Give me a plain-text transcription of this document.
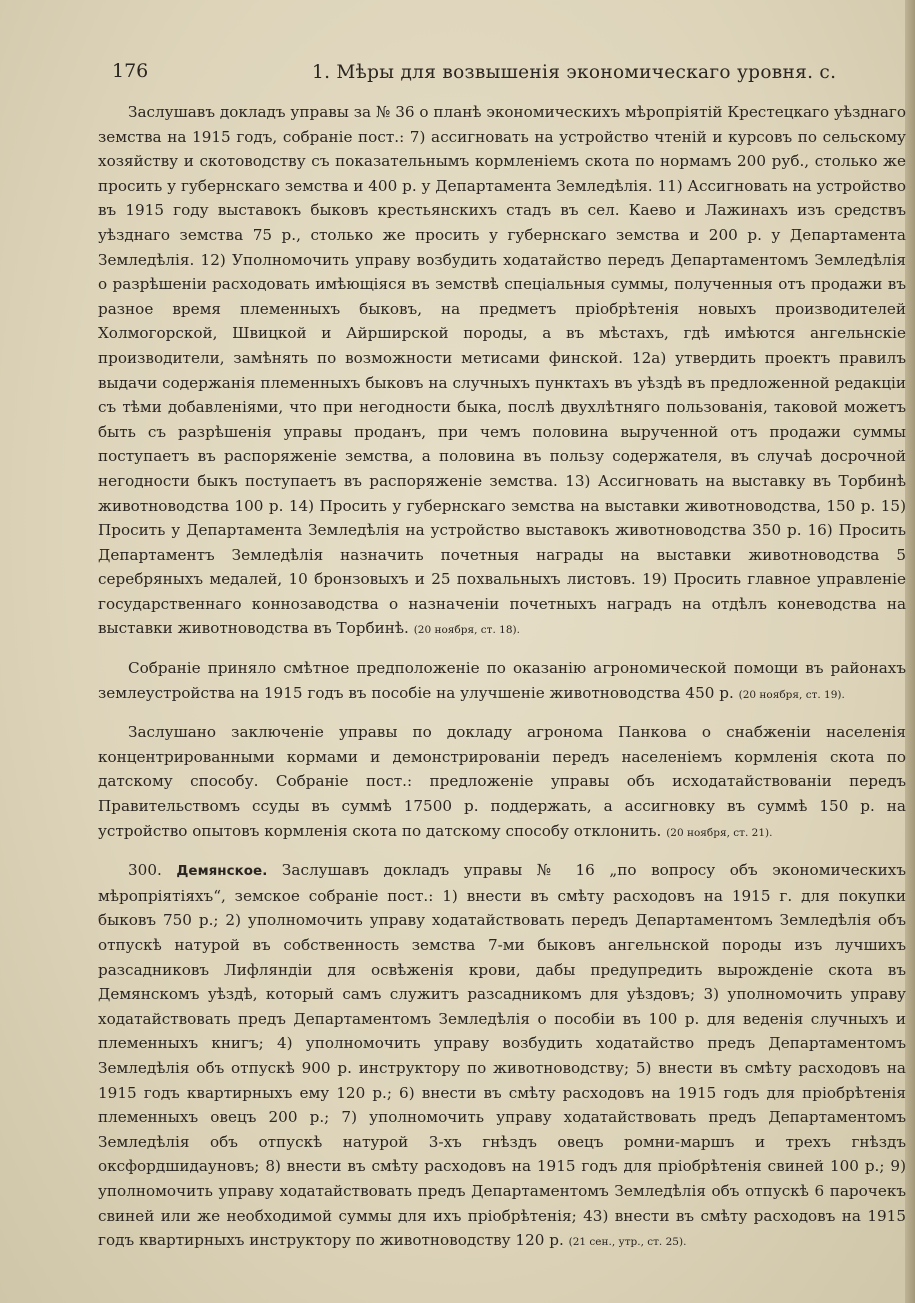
176	1. Мѣры для возвышенія экономическаго уровня. с.

Заслушавъ докладъ управы за № 36 о планѣ экономическихъ мѣропріятій Крестецкаго уѣзднаго земства на 1915 годъ, собраніе пост.: 7) ассигновать на устройство чтеній и курсовъ по сельскому хозяйству и скотоводству съ показательнымъ кормленіемъ скота по нормамъ 200 руб., столько же просить у губернскаго земства и 400 р. у Департамента Земледѣлія. 11) Ассигновать на устройство въ 1915 году выставокъ быковъ крестьянскихъ стадъ въ сел. Каево и Лажинахъ изъ средствъ уѣзднаго земства 75 р., столько же просить у губернскаго земства и 200 р. у Департамента Земледѣлія. 12) Уполномочить управу возбудить ходатайство передъ Департаментомъ Земледѣлія о разрѣшеніи расходовать имѣющіяся въ земствѣ спеціальныя суммы, полученныя отъ продажи въ разное время племенныхъ быковъ, на предметъ пріобрѣтенія новыхъ производителей Холмогорской, Швицкой и Айрширской породы, а въ мѣстахъ, гдѣ имѣются ангельнскіе производители, замѣнять по возможности метисами финской. 12а) утвердить проектъ правилъ выдачи содержанія племенныхъ быковъ на случныхъ пунктахъ въ уѣздѣ въ предложенной редакціи съ тѣми добавленіями, что при негодности быка, послѣ двухлѣтняго пользованія, таковой можетъ быть съ разрѣшенія управы проданъ, при чемъ половина вырученной отъ продажи суммы поступаетъ въ распоряженіе земства, а половина въ пользу содержателя, въ случаѣ досрочной негодности быкъ поступаетъ въ распоряженіе земства. 13) Ассигновать на выставку въ Торбинѣ животноводства 100 р. 14) Просить у губернскаго земства на выставки животноводства, 150 р. 15) Просить у Департамента Земледѣлія на устройство выставокъ животноводства 350 р. 16) Просить Департаментъ Земледѣлія назначить почетныя награды на выставки животноводства 5 серебряныхъ медалей, 10 бронзовыхъ и 25 похвальныхъ листовъ. 19) Просить главное управленіе государственнаго коннозаводства о назначеніи почетныхъ наградъ на отдѣлъ коневодства на выставки животноводства въ Торбинѣ. (20 ноября, ст. 18).

Собраніе приняло смѣтное предположеніе по оказанію агрономической помощи въ районахъ землеустройства на 1915 годъ въ пособіе на улучшеніе животноводства 450 р. (20 ноября, ст. 19).

Заслушано заключеніе управы по докладу агронома Панкова о снабженіи населенія концентрированными кормами и демонстрированіи передъ населеніемъ кормленія скота по датскому способу. Собраніе пост.: предложеніе управы объ исходатайствованіи передъ Правительствомъ ссуды въ суммѣ 17500 р. поддержать, а ассигновку въ суммѣ 150 р. на устройство опытовъ кормленія скота по датскому способу отклонить. (20 ноября, ст. 21).

300. Демянское. Заслушавъ докладъ управы № 16 „по вопросу объ экономическихъ мѣропріятіяхъ“, земское собраніе пост.: 1) внести въ смѣту расходовъ на 1915 г. для покупки быковъ 750 р.; 2) уполномочить управу ходатайствовать передъ Департаментомъ Земледѣлія объ отпускѣ натурой въ собственность земства 7-ми быковъ ангельнской породы изъ лучшихъ разсадниковъ Лифляндіи для освѣженія крови, дабы предупредить вырожденіе скота въ Демянскомъ уѣздѣ, который самъ служитъ разсадникомъ для уѣздовъ; 3) уполномочить управу ходатайствовать предъ Департаментомъ Земледѣлія о пособіи въ 100 р. для веденія случныхъ и племенныхъ книгъ; 4) уполномочить управу возбудить ходатайство предъ Департаментомъ Земледѣлія объ отпускѣ 900 р. инструктору по животноводству; 5) внести въ смѣту расходовъ на 1915 годъ квартирныхъ ему 120 р.; 6) внести въ смѣту расходовъ на 1915 годъ для пріобрѣтенія племенныхъ овецъ 200 р.; 7) уполномочить управу ходатайствовать предъ Департаментомъ Земледѣлія объ отпускѣ натурой 3-хъ гнѣздъ овецъ ромни-маршъ и трехъ гнѣздъ оксфордшидауновъ; 8) внести въ смѣту расходовъ на 1915 годъ для пріобрѣтенія свиней 100 р.; 9) уполномочить управу ходатайствовать предъ Департаментомъ Земледѣлія объ отпускѣ 6 парочекъ свиней или же необходимой суммы для ихъ пріобрѣтенія; 43) внести въ смѣту расходовъ на 1915 годъ квартирныхъ инструктору по животноводству 120 р. (21 сен., утр., ст. 25).
